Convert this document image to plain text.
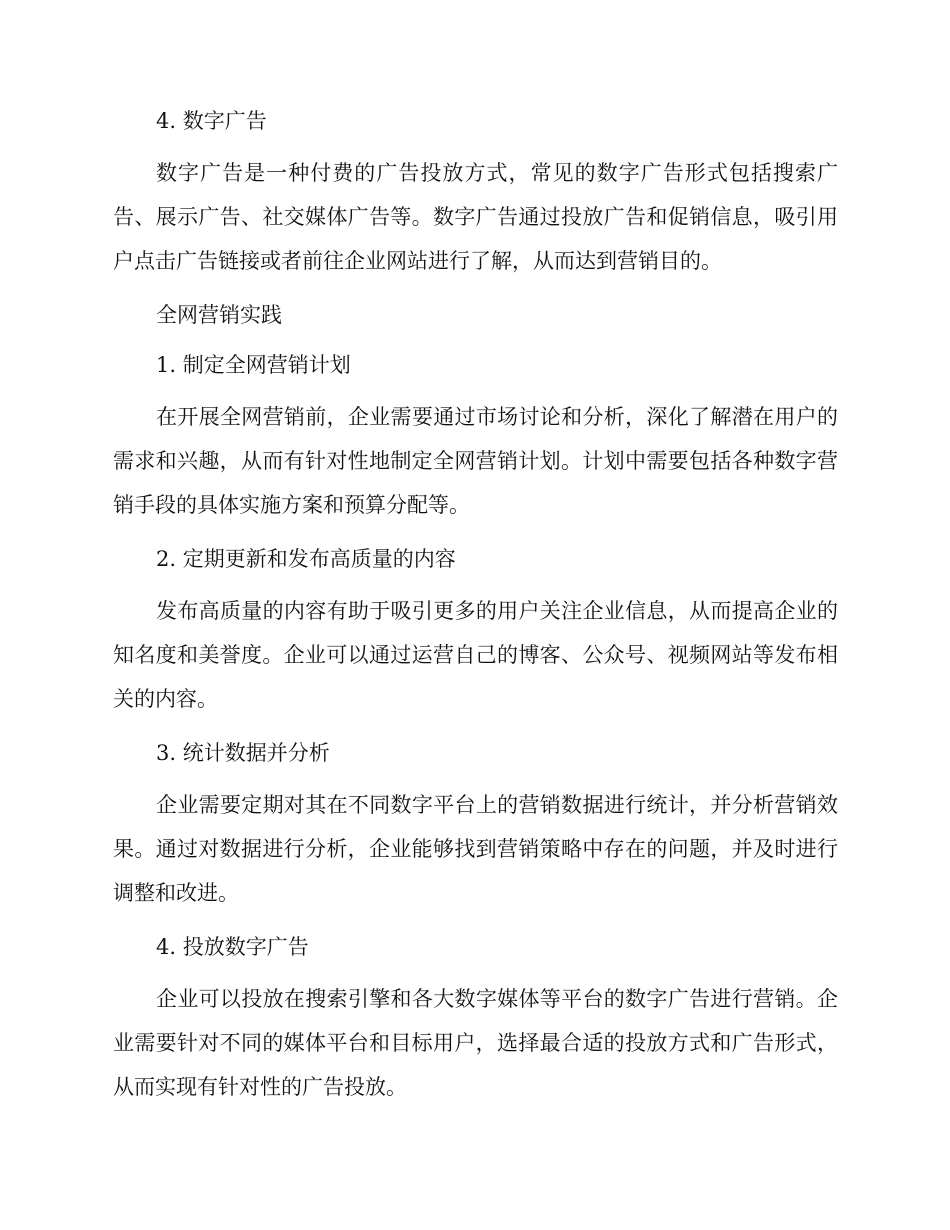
4. 数字广告

数字广告是一种付费的广告投放方式，常见的数字广告形式包括搜索广告、展示广告、社交媒体广告等。数字广告通过投放广告和促销信息，吸引用户点击广告链接或者前往企业网站进行了解，从而达到营销目的。

全网营销实践
1. 制定全网营销计划

在开展全网营销前，企业需要通过市场讨论和分析，深化了解潜在用户的需求和兴趣，从而有针对性地制定全网营销计划。计划中需要包括各种数字营销手段的具体实施方案和预算分配等。

2. 定期更新和发布高质量的内容

发布高质量的内容有助于吸引更多的用户关注企业信息，从而提高企业的知名度和美誉度。企业可以通过运营自己的博客、公众号、视频网站等发布相关的内容。

3. 统计数据并分析

企业需要定期对其在不同数字平台上的营销数据进行统计，并分析营销效果。通过对数据进行分析，企业能够找到营销策略中存在的问题，并及时进行调整和改进。

4. 投放数字广告

企业可以投放在搜索引擎和各大数字媒体等平台的数字广告进行营销。企业需要针对不同的媒体平台和目标用户，选择最合适的投放方式和广告形式，从而实现有针对性的广告投放。
